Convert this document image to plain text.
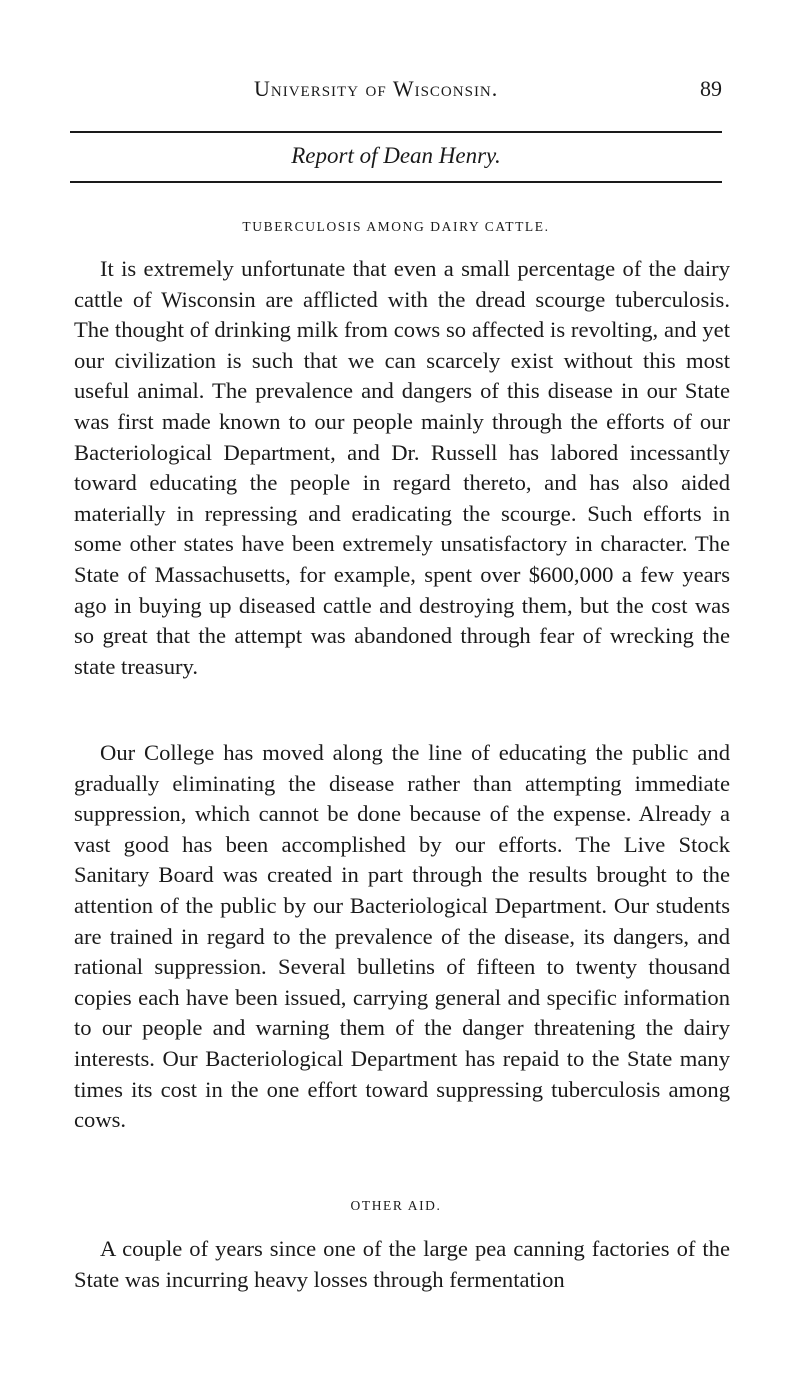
University of Wisconsin.	89
Report of Dean Henry.
TUBERCULOSIS AMONG DAIRY CATTLE.

It is extremely unfortunate that even a small percentage of the dairy cattle of Wisconsin are afflicted with the dread scourge tuberculosis. The thought of drinking milk from cows so affected is revolting, and yet our civilization is such that we can scarcely exist without this most useful animal. The prevalence and dangers of this disease in our State was first made known to our people mainly through the efforts of our Bacteriological Department, and Dr. Russell has labored incessantly toward educating the people in regard thereto, and has also aided materially in repressing and eradicating the scourge. Such efforts in some other states have been extremely unsatisfactory in character. The State of Massachusetts, for example, spent over $600,000 a few years ago in buying up diseased cattle and destroying them, but the cost was so great that the attempt was abandoned through fear of wrecking the state treasury.

Our College has moved along the line of educating the public and gradually eliminating the disease rather than attempting immediate suppression, which cannot be done because of the expense. Already a vast good has been accomplished by our efforts. The Live Stock Sanitary Board was created in part through the results brought to the attention of the public by our Bacteriological Department. Our students are trained in regard to the prevalence of the disease, its dangers, and rational suppression. Several bulletins of fifteen to twenty thousand copies each have been issued, carrying general and specific information to our people and warning them of the danger threatening the dairy interests. Our Bacteriological Department has repaid to the State many times its cost in the one effort toward suppressing tuberculosis among cows.

OTHER AID.

A couple of years since one of the large pea canning factories of the State was incurring heavy losses through fermentation
